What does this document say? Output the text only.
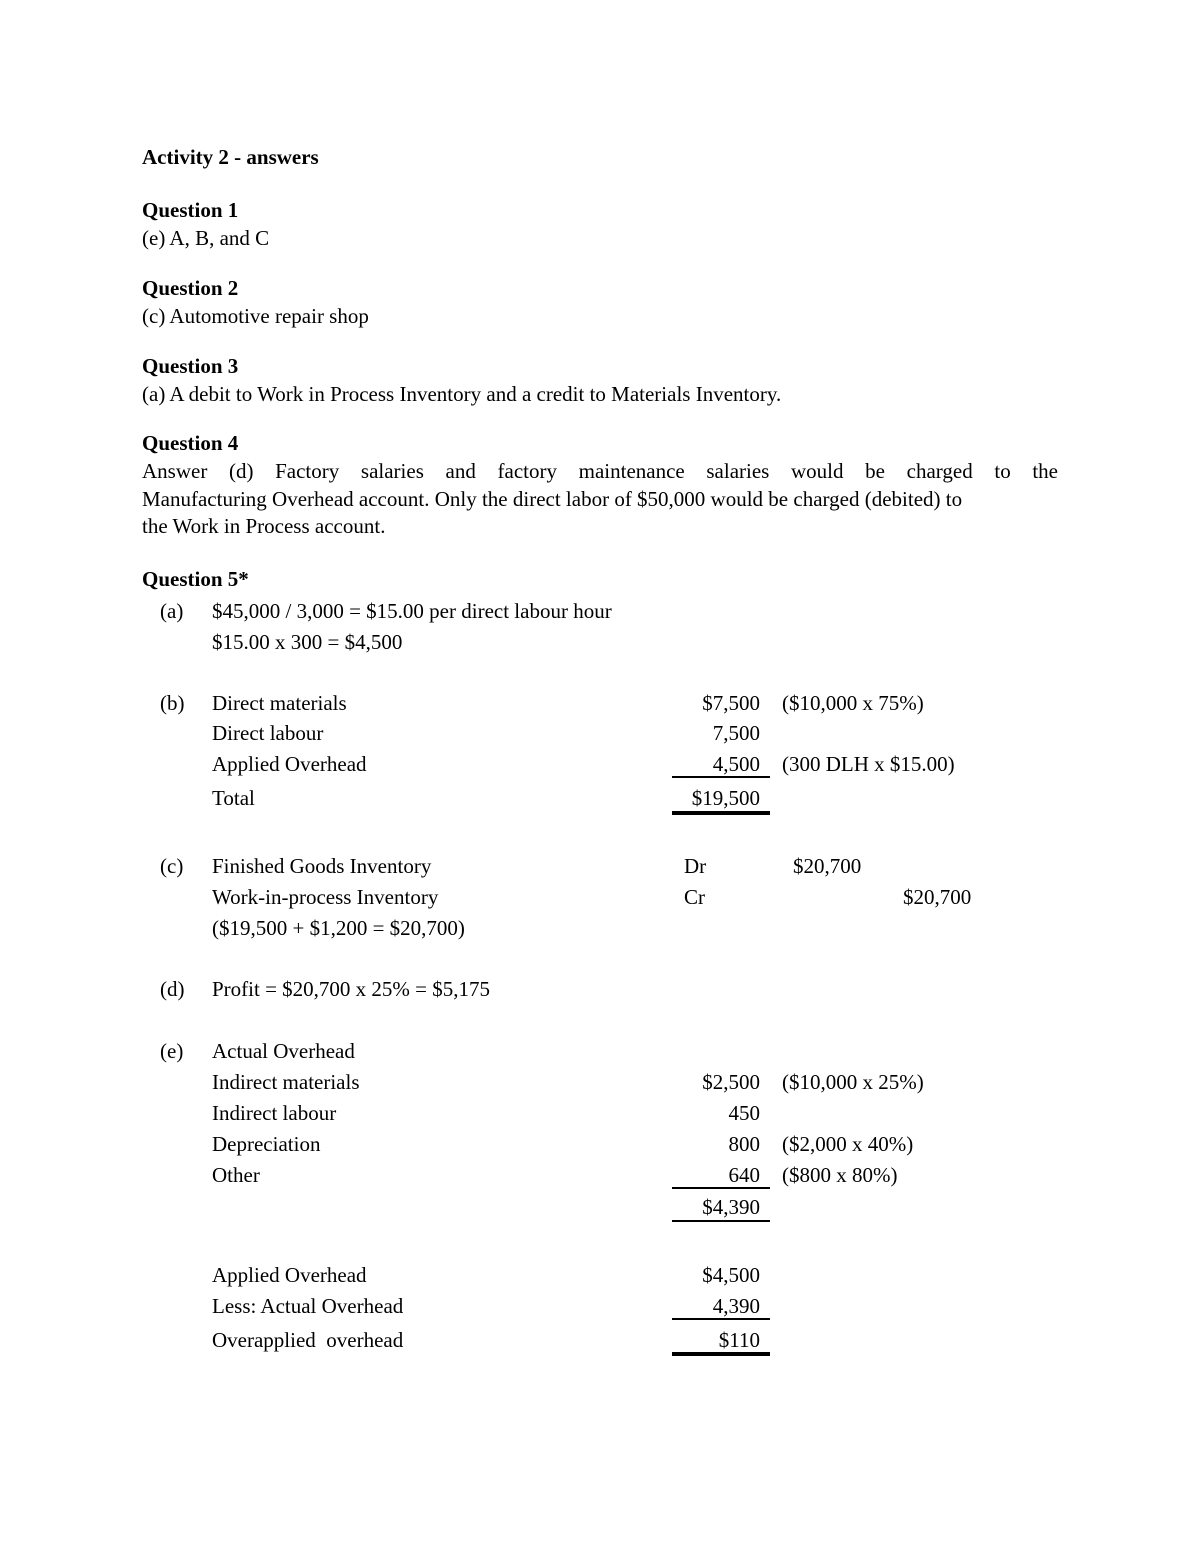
Activity 2 - answers
Question 1
(e) A, B, and C
Question 2
(c) Automotive repair shop
Question 3
(a) A debit to Work in Process Inventory and a credit to Materials Inventory.
Question 4
Answer (d) Factory salaries and factory maintenance salaries would be charged to the
Manufacturing Overhead account. Only the direct labor of $50,000 would be charged (debited) to
the Work in Process account.
Question 5*
(a) $45,000 / 3,000 = $15.00 per direct labour hour
$15.00 x 300 = $4,500
(b) Direct materials	$7,500 ($10,000 x 75%)
Direct labour	7,500
Applied Overhead	4,500 (300 DLH x $15.00)
Total	$19,500
(c) Finished Goods Inventory	Dr	$20,700
Work-in-process Inventory	Cr	$20,700
($19,500 + $1,200 = $20,700)
(d) Profit = $20,700 x 25% = $5,175
(e) Actual Overhead
Indirect materials	$2,500 ($10,000 x 25%)
Indirect labour	450
Depreciation	800 ($2,000 x 40%)
Other	640 ($800 x 80%)
$4,390
Applied Overhead	$4,500
Less: Actual Overhead	4,390
Overapplied  overhead	$110
